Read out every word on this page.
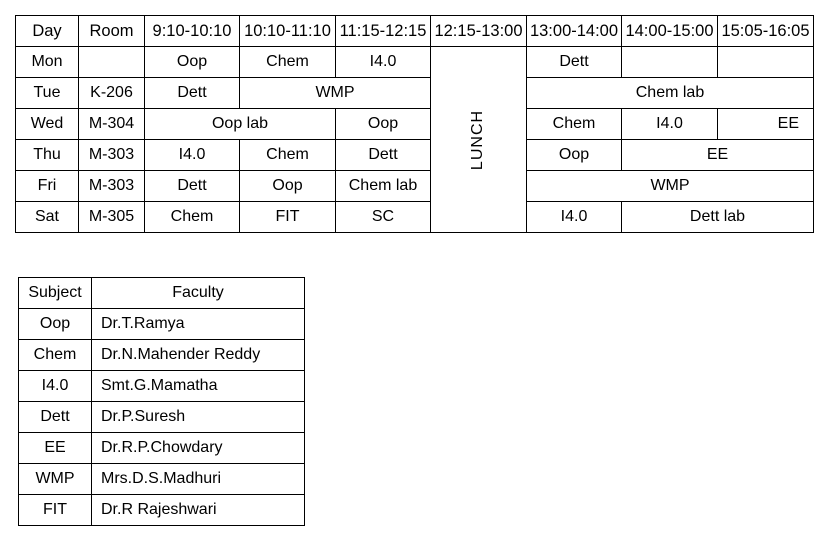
Day	Room	9:10-10:10	10:10-11:10	11:15-12:15	12:15-13:00	13:00-14:00	14:00-15:00	15:05-16:05
Mon		Oop	Chem	I4.0	LUNCH	Dett		
Tue	K-206	Dett	WMP			Chem lab		
Wed	M-304	Oop lab		Oop		Chem	I4.0	EE
Thu	M-303	I4.0	Chem	Dett		Oop	EE	
Fri	M-303	Dett	Oop	Chem lab		WMP		
Sat	M-305	Chem	FIT	SC		I4.0	Dett lab	
Subject	Faculty
Oop	Dr.T.Ramya
Chem	Dr.N.Mahender Reddy
I4.0	Smt.G.Mamatha
Dett	Dr.P.Suresh
EE	Dr.R.P.Chowdary
WMP	Mrs.D.S.Madhuri
FIT	Dr.R Rajeshwari
